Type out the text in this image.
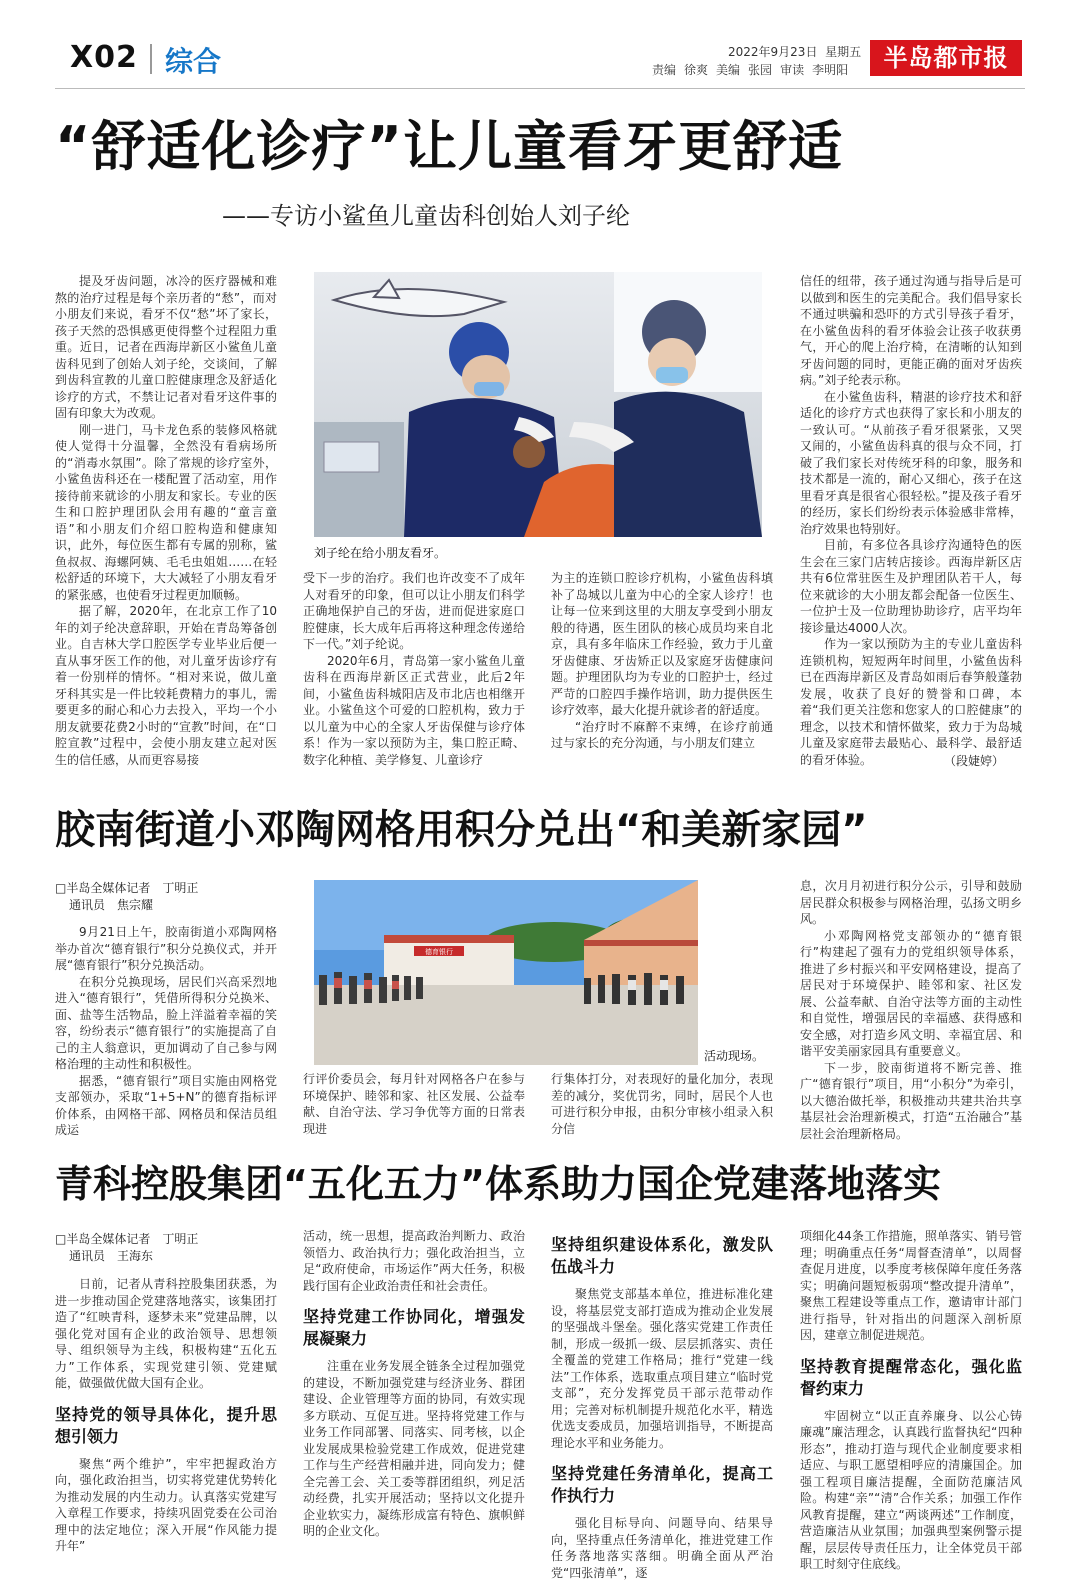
X02 综合	2022年9月23日 星期五
责编 徐爽 美编 张园 审读 李明阳	半岛都市报
“舒适化诊疗”让儿童看牙更舒适
——专访小鲨鱼儿童齿科创始人刘子纶

提及牙齿问题，冰冷的医疗器械和难熬的治疗过程是每个亲历者的“愁”，而对小朋友们来说，看牙不仅“愁”坏了家长，孩子天然的恐惧感更使得整个过程阻力重重。近日，记者在西海岸新区小鲨鱼儿童齿科见到了创始人刘子纶，交谈间，了解到齿科宣教的儿童口腔健康理念及舒适化诊疗的方式，不禁让记者对看牙这件事的固有印象大为改观。

刚一进门，马卡龙色系的装修风格就使人觉得十分温馨，全然没有看病场所的“消毒水氛围”。除了常规的诊疗室外，小鲨鱼齿科还在一楼配置了活动室，用作接待前来就诊的小朋友和家长。专业的医生和口腔护理团队会用有趣的“童言童语”和小朋友们介绍口腔构造和健康知识，此外，每位医生都有专属的别称，鲨鱼叔叔、海螺阿姨、毛毛虫姐姐……在轻松舒适的环境下，大大减轻了小朋友看牙的紧张感，也使看牙过程更加顺畅。

据了解，2020年，在北京工作了10年的刘子纶决意辞职，开始在青岛筹备创业。自吉林大学口腔医学专业毕业后便一直从事牙医工作的他，对儿童牙齿诊疗有着一份别样的情怀。“相对来说，做儿童牙科其实是一件比较耗费精力的事儿，需要更多的耐心和心力去投入，平均一个小朋友就要花费2小时的“宣教”时间，在“口腔宣教”过程中，会使小朋友建立起对医生的信任感，从而更容易接

刘子纶在给小朋友看牙。

受下一步的治疗。我们也许改变不了成年人对看牙的印象，但可以让小朋友们科学正确地保护自己的牙齿，进而促进家庭口腔健康，长大成年后再将这种理念传递给下一代。”刘子纶说。

2020年6月，青岛第一家小鲨鱼儿童齿科在西海岸新区正式营业，此后2年间，小鲨鱼齿科城阳店及市北店也相继开业。小鲨鱼这个可爱的口腔机构，致力于以儿童为中心的全家人牙齿保健与诊疗体系！作为一家以预防为主，集口腔正畸、数字化种植、美学修复、儿童诊疗

为主的连锁口腔诊疗机构，小鲨鱼齿科填补了岛城以儿童为中心的全家人诊疗！也让每一位来到这里的大朋友享受到小朋友般的待遇，医生团队的核心成员均来自北京，具有多年临床工作经验，致力于儿童牙齿健康、牙齿矫正以及家庭牙齿健康问题。护理团队均为专业的口腔护士，经过严苛的口腔四手操作培训，助力提供医生诊疗效率，最大化提升就诊者的舒适度。

“治疗时不麻醉不束缚，在诊疗前通过与家长的充分沟通，与小朋友们建立

信任的纽带，孩子通过沟通与指导后是可以做到和医生的完美配合。我们倡导家长不通过哄骗和恐吓的方式引导孩子看牙，在小鲨鱼齿科的看牙体验会让孩子收获勇气，开心的爬上治疗椅，在清晰的认知到牙齿问题的同时，更能正确的面对牙齿疾病。”刘子纶表示称。

在小鲨鱼齿科，精湛的诊疗技术和舒适化的诊疗方式也获得了家长和小朋友的一致认可。“从前孩子看牙很紧张，又哭又闹的，小鲨鱼齿科真的很与众不同，打破了我们家长对传统牙科的印象，服务和技术都是一流的，耐心又细心，孩子在这里看牙真是很省心很轻松。”提及孩子看牙的经历，家长们纷纷表示体验感非常棒，治疗效果也特别好。

目前，有多位各具诊疗沟通特色的医生会在三家门店转店接诊。西海岸新区店共有6位常驻医生及护理团队若干人，每位来就诊的大小朋友都会配备一位医生、一位护士及一位助理协助诊疗，店平均年接诊量达4000人次。

作为一家以预防为主的专业儿童齿科连锁机构，短短两年时间里，小鲨鱼齿科已在西海岸新区及青岛如雨后春笋般蓬勃发展，收获了良好的赞誉和口碑，本着“我们更关注您和您家人的口腔健康”的理念，以技术和情怀做桨，致力于为岛城儿童及家庭带去最贴心、最科学、最舒适的看牙体验。	（段婕婷）
胶南街道小邓陶网格用积分兑出“和美新家园”
□半岛全媒体记者　丁明正
通讯员　焦宗耀

9月21日上午，胶南街道小邓陶网格举办首次“德育银行”积分兑换仪式，并开展“德育银行”积分兑换活动。

在积分兑换现场，居民们兴高采烈地进入“德育银行”，凭借所得积分兑换米、面、盐等生活物品，脸上洋溢着幸福的笑容，纷纷表示“德育银行”的实施提高了自己的主人翁意识，更加调动了自己参与网格治理的主动性和积极性。

据悉，“德育银行”项目实施由网格党支部领办，采取“1+5+N”的德育指标评价体系，由网格干部、网格员和保洁员组成运

德育银行
活动现场。

行评价委员会，每月针对网格各户在参与环境保护、睦邻和家、社区发展、公益奉献、自治守法、学习争优等方面的日常表现进

行集体打分，对表现好的量化加分，表现差的减分，奖优罚劣，同时，居民个人也可进行积分申报，由积分审核小组录入积分信

息，次月月初进行积分公示，引导和鼓励居民群众积极参与网格治理，弘扬文明乡风。

小邓陶网格党支部领办的“德育银行”构建起了强有力的党组织领导体系，推进了乡村振兴和平安网格建设，提高了居民对于环境保护、睦邻和家、社区发展、公益奉献、自治守法等方面的主动性和自觉性，增强居民的幸福感、获得感和安全感，对打造乡风文明、幸福宜居、和谐平安美丽家园具有重要意义。

下一步，胶南街道将不断完善、推广“德育银行”项目，用“小积分”为牵引，以大德治做托举，积极推动共建共治共享基层社会治理新模式，打造“五治融合”基层社会治理新格局。

青科控股集团“五化五力”体系助力国企党建落地落实
□半岛全媒体记者　丁明正
通讯员　王海东

日前，记者从青科控股集团获悉，为进一步推动国企党建落地落实，该集团打造了“红映青科，逐梦未来”党建品牌，以强化党对国有企业的政治领导、思想领导、组织领导为主线，积极构建“五化五力”工作体系，实现党建引领、党建赋能，做强做优做大国有企业。

坚持党的领导具体化，提升思想引领力

聚焦“两个维护”，牢牢把握政治方向，强化政治担当，切实将党建优势转化为推动发展的内生动力。认真落实党建写入章程工作要求，持续巩固党委在公司治理中的法定地位；深入开展“作风能力提升年”

活动，统一思想，提高政治判断力、政治领悟力、政治执行力；强化政治担当，立足“政府使命，市场运作”两大任务，积极践行国有企业政治责任和社会责任。

坚持党建工作协同化，增强发展凝聚力

注重在业务发展全链条全过程加强党的建设，不断加强党建与经济业务、群团建设、企业管理等方面的协同，有效实现多方联动、互促互进。坚持将党建工作与业务工作同部署、同落实、同考核，以企业发展成果检验党建工作成效，促进党建工作与生产经营相融并进，同向发力；健全完善工会、关工委等群团组织，列足活动经费，扎实开展活动；坚持以文化提升企业软实力，凝练形成富有特色、旗帜鲜明的企业文化。

坚持组织建设体系化，激发队伍战斗力

聚焦党支部基本单位，推进标准化建设，将基层党支部打造成为推动企业发展的坚强战斗堡垒。强化落实党建工作责任制，形成一级抓一级、层层抓落实、责任全覆盖的党建工作格局；推行“党建一线法”工作体系，选取重点项目建立“临时党支部”，充分发挥党员干部示范带动作用；完善对标机制提升规范化水平，精选优选支委成员，加强培训指导，不断提高理论水平和业务能力。

坚持党建任务清单化，提高工作执行力

强化目标导向、问题导向、结果导向，坚持重点任务清单化，推进党建工作任务落地落实落细。明确全面从严治党“四张清单”，逐

项细化44条工作措施，照单落实、销号管理；明确重点任务“周督查清单”，以周督查促月进度，以季度考核保障年度任务落实；明确问题短板弱项“整改提升清单”，聚焦工程建设等重点工作，邀请审计部门进行指导，针对指出的问题深入剖析原因，建章立制促进规范。

坚持教育提醒常态化，强化监督约束力

牢固树立“以正直养廉身、以公心铸廉魂”廉洁理念，认真践行监督执纪“四种形态”，推动打造与现代企业制度要求相适应、与职工愿望相呼应的清廉国企。加强工程项目廉洁提醒，全面防范廉洁风险。构建“亲”“清”合作关系；加强工作作风教育提醒，建立“两谈两述”工作制度，营造廉洁从业氛围；加强典型案例警示提醒，层层传导责任压力，让全体党员干部职工时刻守住底线。
